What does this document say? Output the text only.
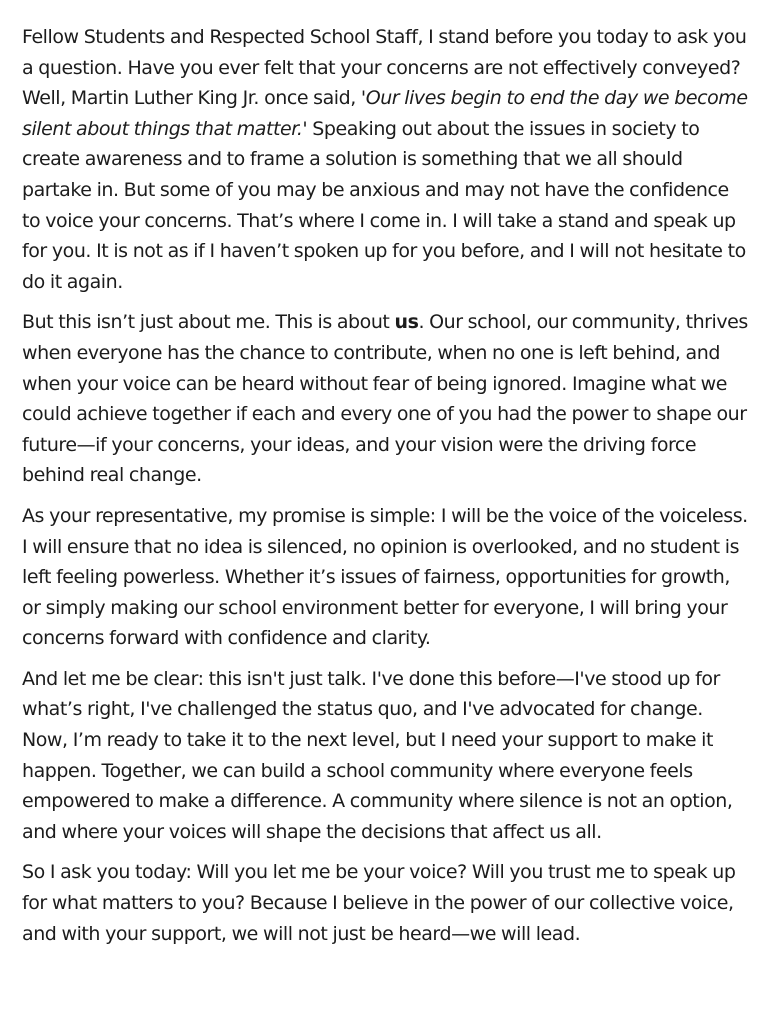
Fellow Students and Respected School Staff, I stand before you today to ask you a question. Have you ever felt that your concerns are not effectively conveyed? Well, Martin Luther King Jr. once said, 'Our lives begin to end the day we become silent about things that matter.' Speaking out about the issues in society to create awareness and to frame a solution is something that we all should partake in. But some of you may be anxious and may not have the confidence to voice your concerns. That’s where I come in. I will take a stand and speak up for you. It is not as if I haven’t spoken up for you before, and I will not hesitate to do it again.

But this isn’t just about me. This is about us. Our school, our community, thrives when everyone has the chance to contribute, when no one is left behind, and when your voice can be heard without fear of being ignored. Imagine what we could achieve together if each and every one of you had the power to shape our future—if your concerns, your ideas, and your vision were the driving force behind real change.

As your representative, my promise is simple: I will be the voice of the voiceless. I will ensure that no idea is silenced, no opinion is overlooked, and no student is left feeling powerless. Whether it’s issues of fairness, opportunities for growth, or simply making our school environment better for everyone, I will bring your concerns forward with confidence and clarity.

And let me be clear: this isn't just talk. I've done this before—I've stood up for what’s right, I've challenged the status quo, and I've advocated for change. Now, I’m ready to take it to the next level, but I need your support to make it happen. Together, we can build a school community where everyone feels empowered to make a difference. A community where silence is not an option, and where your voices will shape the decisions that affect us all.

So I ask you today: Will you let me be your voice? Will you trust me to speak up for what matters to you? Because I believe in the power of our collective voice, and with your support, we will not just be heard—we will lead.
